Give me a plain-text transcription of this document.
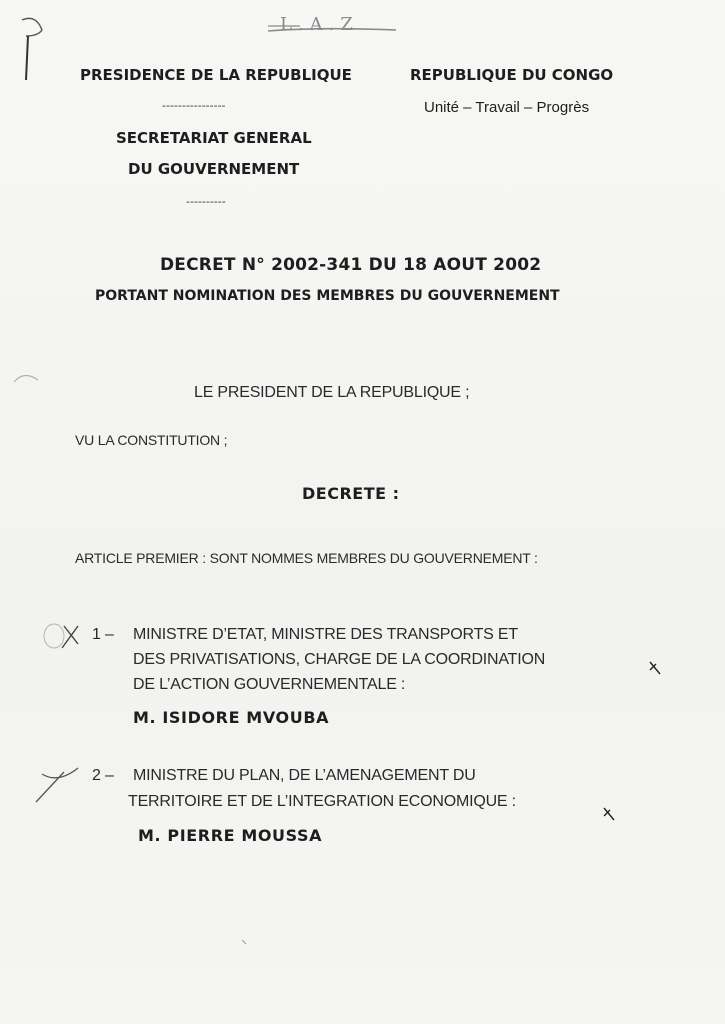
L.A.Z
PRESIDENCE DE LA REPUBLIQUE
----------------
SECRETARIAT GENERAL
DU GOUVERNEMENT
----------
REPUBLIQUE DU CONGO
Unité – Travail – Progrès
DECRET N° 2002-341 DU 18 AOUT 2002
PORTANT NOMINATION DES MEMBRES DU GOUVERNEMENT
LE PRESIDENT DE LA REPUBLIQUE ;
VU LA CONSTITUTION ;
DECRETE :
ARTICLE PREMIER : SONT NOMMES MEMBRES DU GOUVERNEMENT :
1 – MINISTRE D’ETAT, MINISTRE DES TRANSPORTS ET
DES PRIVATISATIONS, CHARGE DE LA COORDINATION
DE L’ACTION GOUVERNEMENTALE :
M. ISIDORE MVOUBA
2 – MINISTRE DU PLAN, DE L’AMENAGEMENT DU
TERRITOIRE ET DE L’INTEGRATION ECONOMIQUE :
M. PIERRE MOUSSA
